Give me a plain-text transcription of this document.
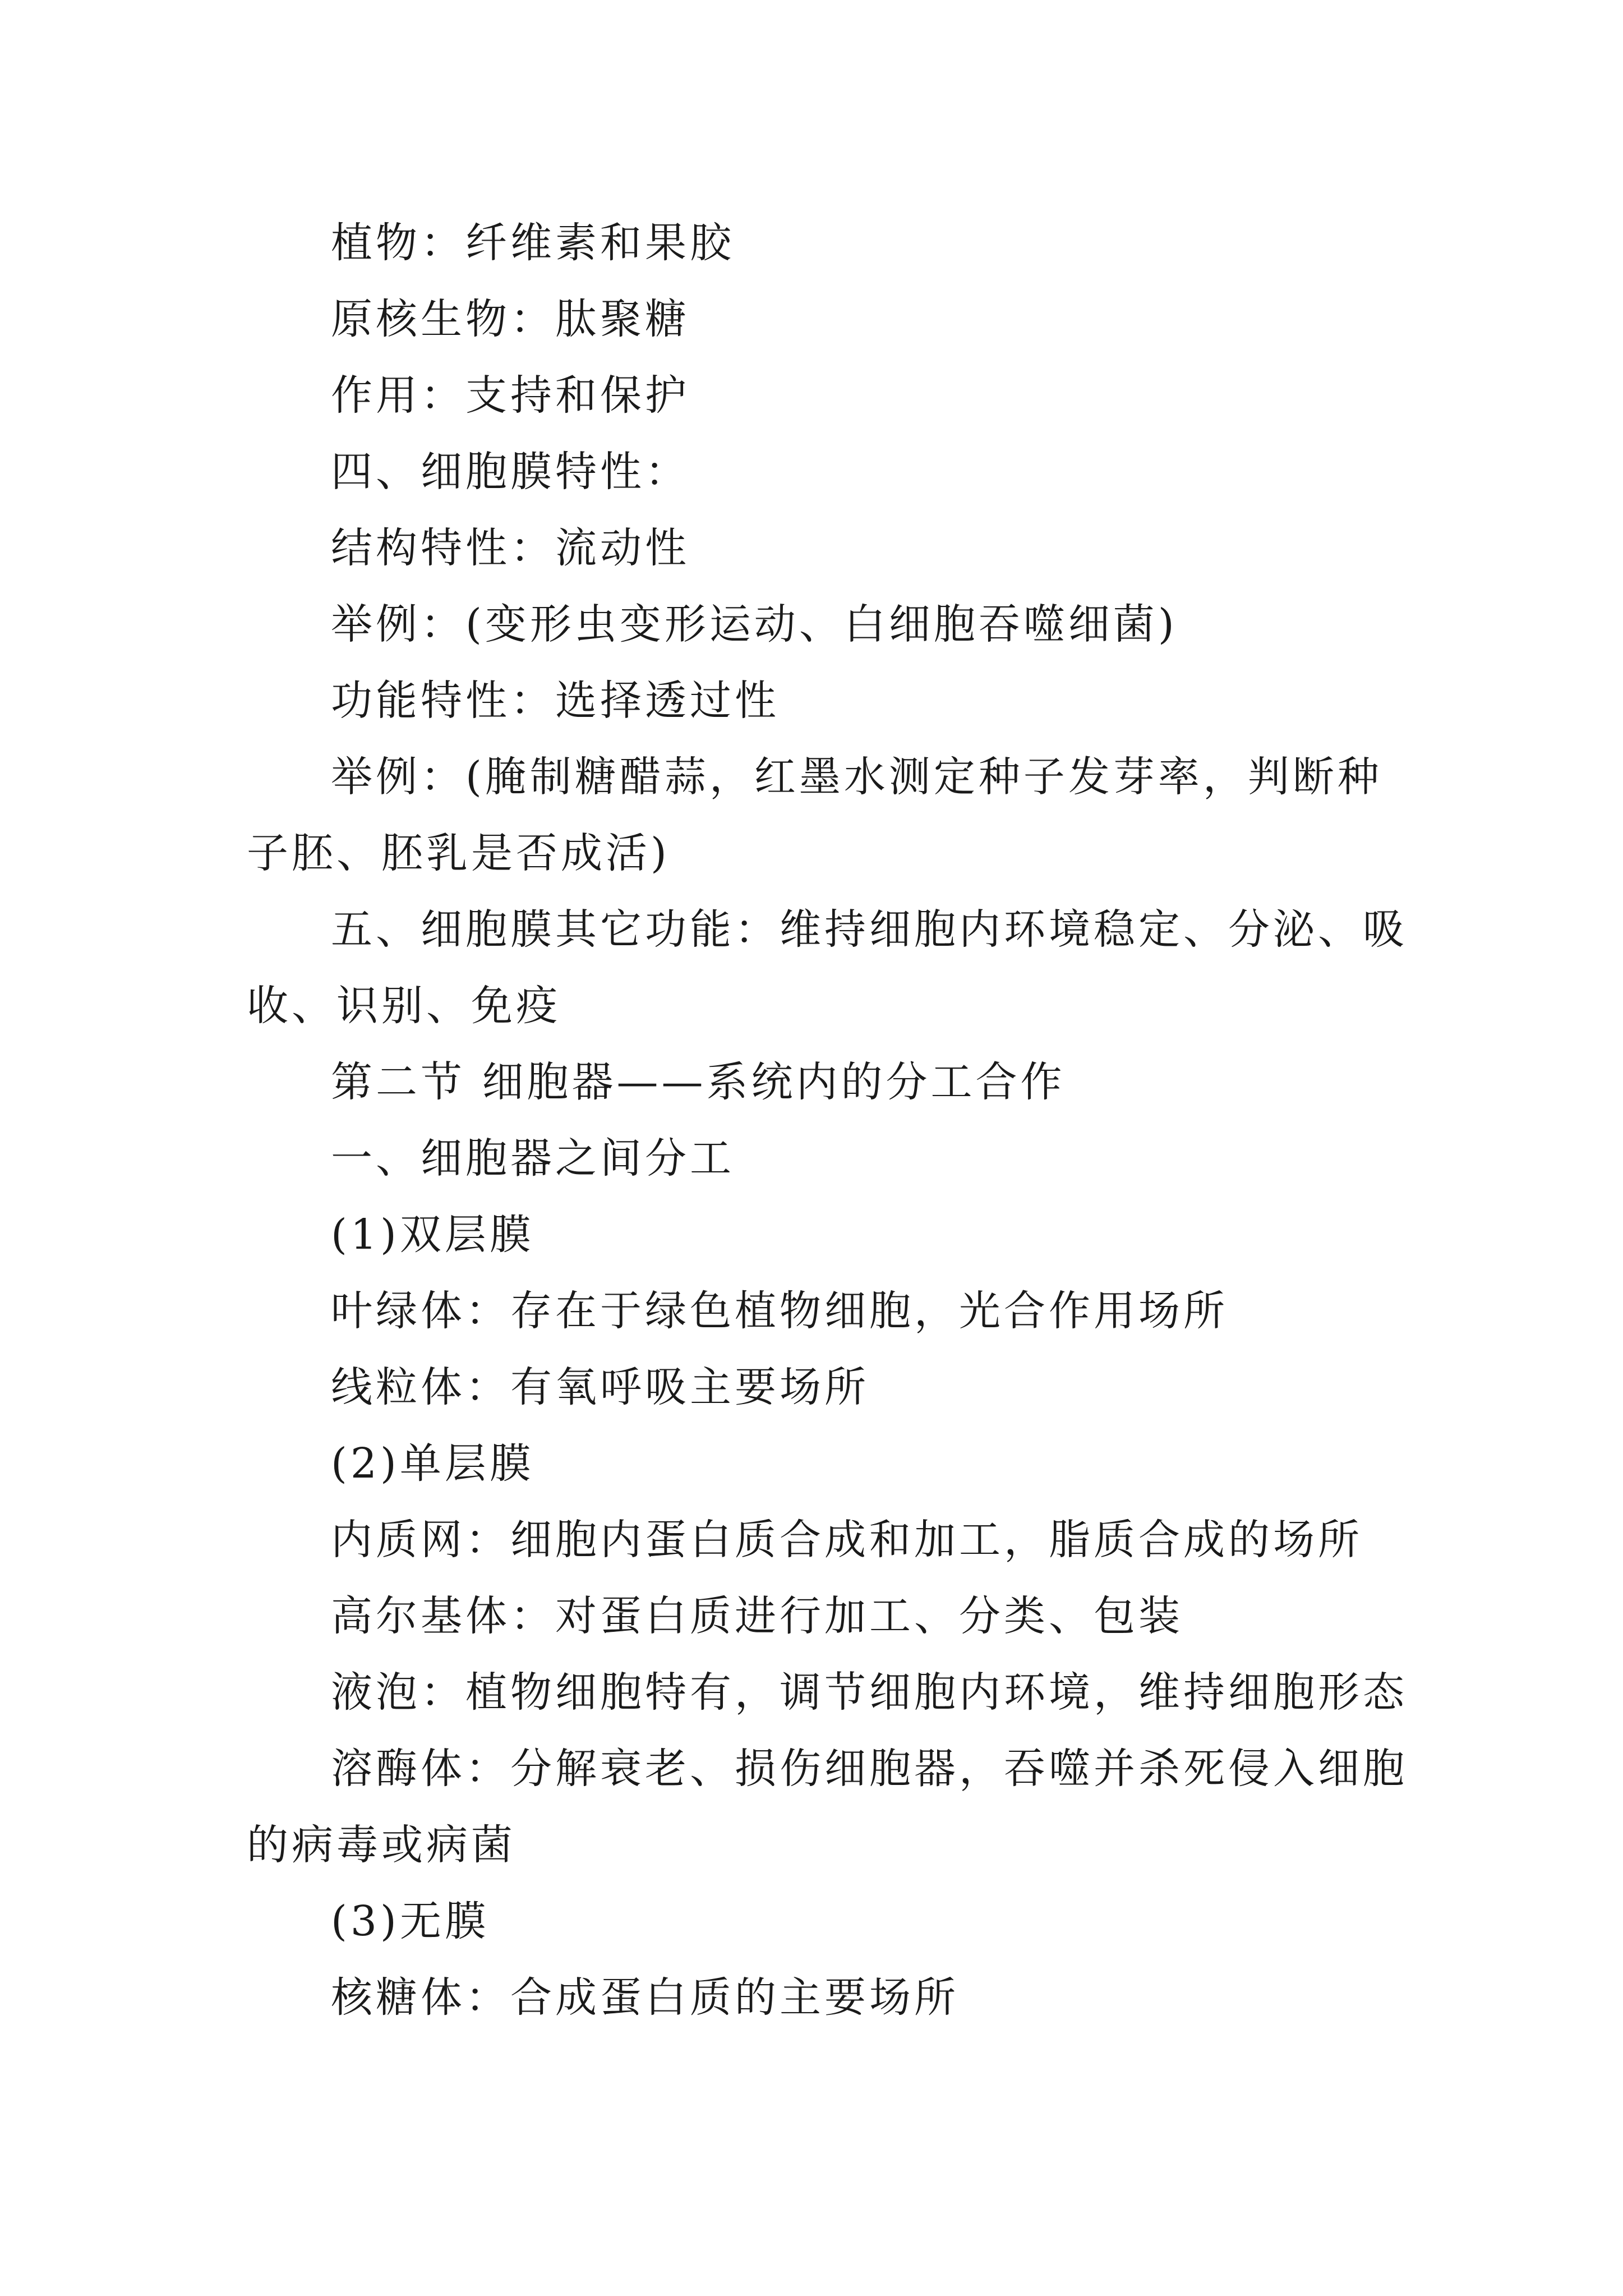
植物：纤维素和果胶
原核生物：肽聚糖
作用：支持和保护
四、细胞膜特性：
结构特性：流动性
举例：(变形虫变形运动、白细胞吞噬细菌)
功能特性：选择透过性
举例：(腌制糖醋蒜，红墨水测定种子发芽率，判断种
子胚、胚乳是否成活)
五、细胞膜其它功能：维持细胞内环境稳定、分泌、吸
收、识别、免疫
第二节 细胞器——系统内的分工合作
一、细胞器之间分工
(1)双层膜
叶绿体：存在于绿色植物细胞，光合作用场所
线粒体：有氧呼吸主要场所
(2)单层膜
内质网：细胞内蛋白质合成和加工，脂质合成的场所
高尔基体：对蛋白质进行加工、分类、包装
液泡：植物细胞特有，调节细胞内环境，维持细胞形态
溶酶体：分解衰老、损伤细胞器，吞噬并杀死侵入细胞
的病毒或病菌
(3)无膜
核糖体：合成蛋白质的主要场所
